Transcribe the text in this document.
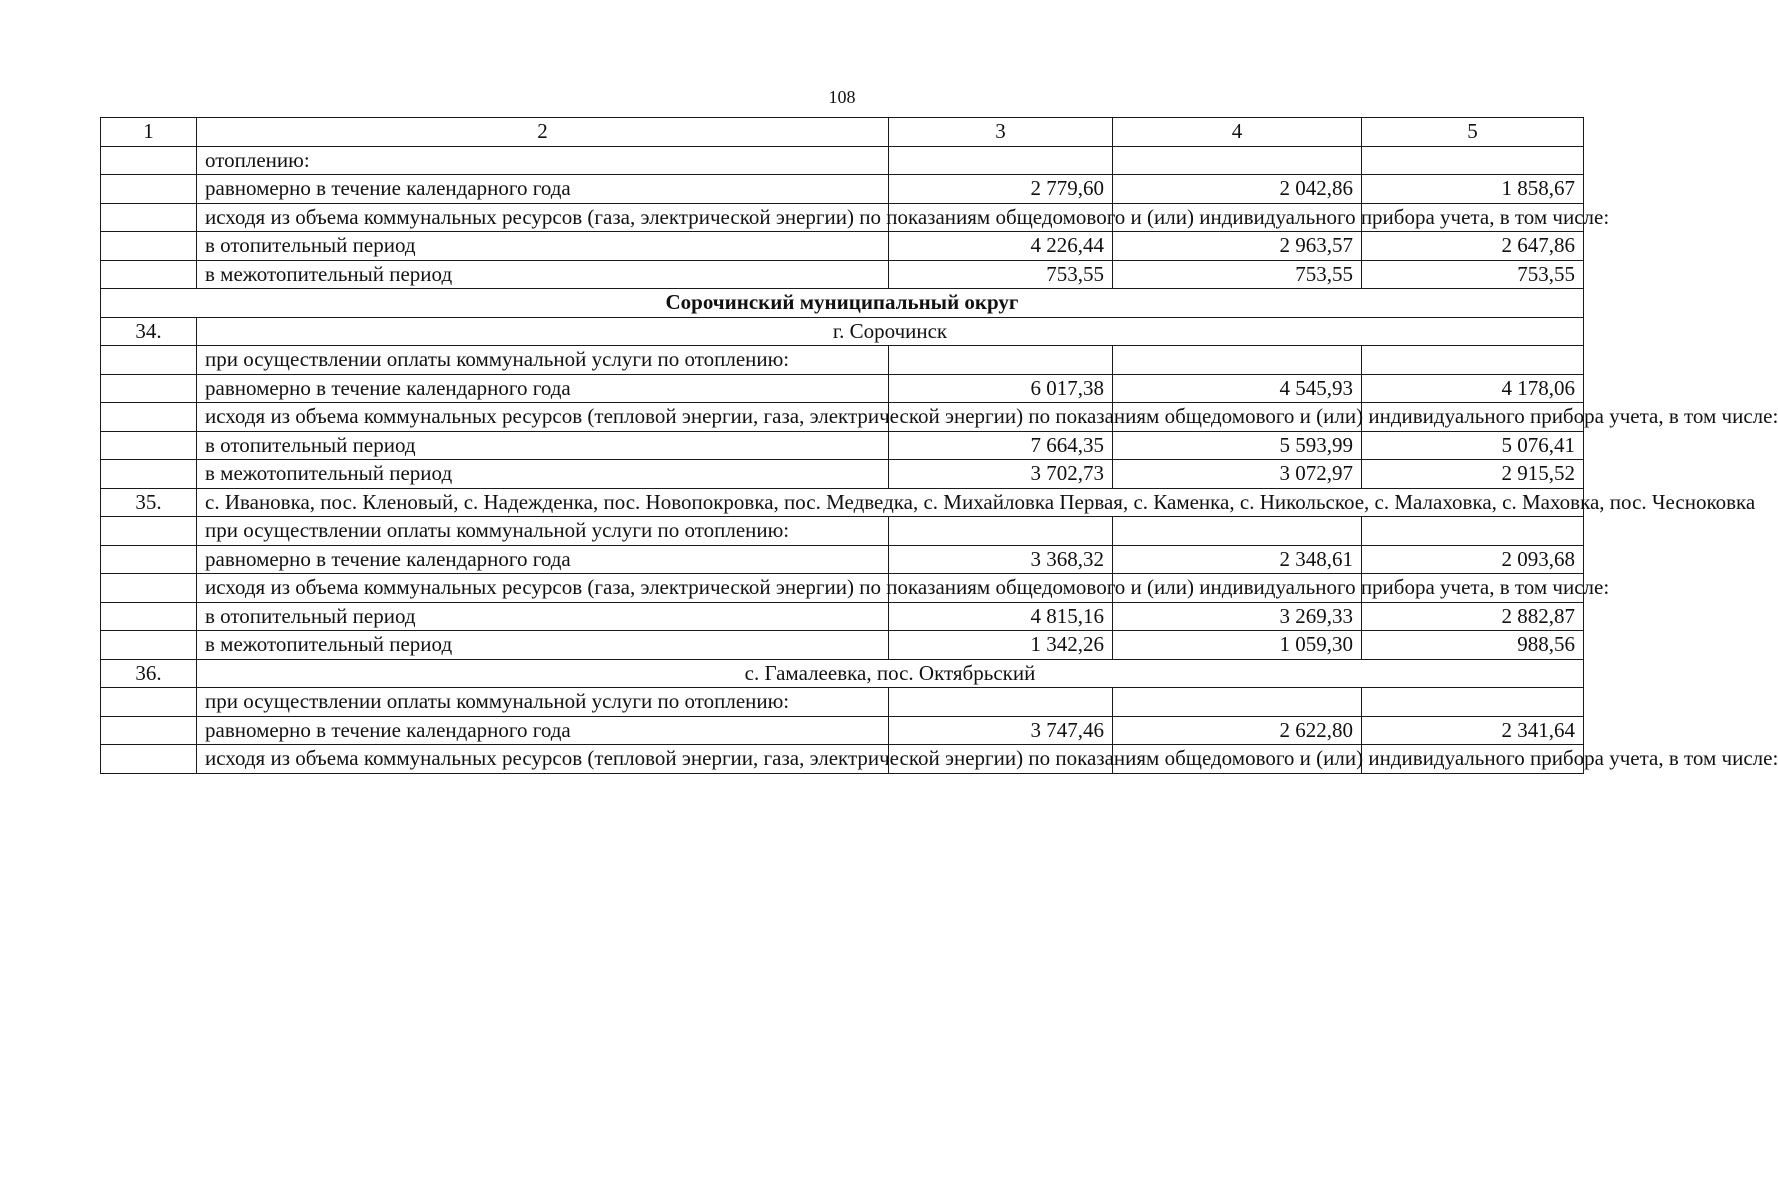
108
1	2	3	4	5
	отоплению:			
	равномерно в течение календарного года	2 779,60	2 042,86	1 858,67
	исходя из объема коммунальных ресурсов (газа, электрической энергии) по показаниям общедомового и (или) индивидуального прибора учета, в том числе:			
	в отопительный период	4 226,44	2 963,57	2 647,86
	в межотопительный период	753,55	753,55	753,55
Сорочинский муниципальный округ				
34.	г. Сорочинск			
	при осуществлении оплаты коммунальной услуги по отоплению:			
	равномерно в течение календарного года	6 017,38	4 545,93	4 178,06
	исходя из объема коммунальных ресурсов (тепловой энергии, газа, электрической энергии) по показаниям общедомового и (или) индивидуального прибора учета, в том числе:			
	в отопительный период	7 664,35	5 593,99	5 076,41
	в межотопительный период	3 702,73	3 072,97	2 915,52
35.	с. Ивановка, пос. Кленовый, с. Надежденка, пос. Новопокровка, пос. Медведка, с. Михайловка Первая, с. Каменка, с. Никольское, с. Малаховка, с. Маховка, пос. Чесноковка			
	при осуществлении оплаты коммунальной услуги по отоплению:			
	равномерно в течение календарного года	3 368,32	2 348,61	2 093,68
	исходя из объема коммунальных ресурсов (газа, электрической энергии) по показаниям общедомового и (или) индивидуального прибора учета, в том числе:			
	в отопительный период	4 815,16	3 269,33	2 882,87
	в межотопительный период	1 342,26	1 059,30	988,56
36.	с. Гамалеевка, пос. Октябрьский			
	при осуществлении оплаты коммунальной услуги по отоплению:			
	равномерно в течение календарного года	3 747,46	2 622,80	2 341,64
	исходя из объема коммунальных ресурсов (тепловой энергии, газа, электрической энергии) по показаниям общедомового и (или) индивидуального прибора учета, в том числе:			
